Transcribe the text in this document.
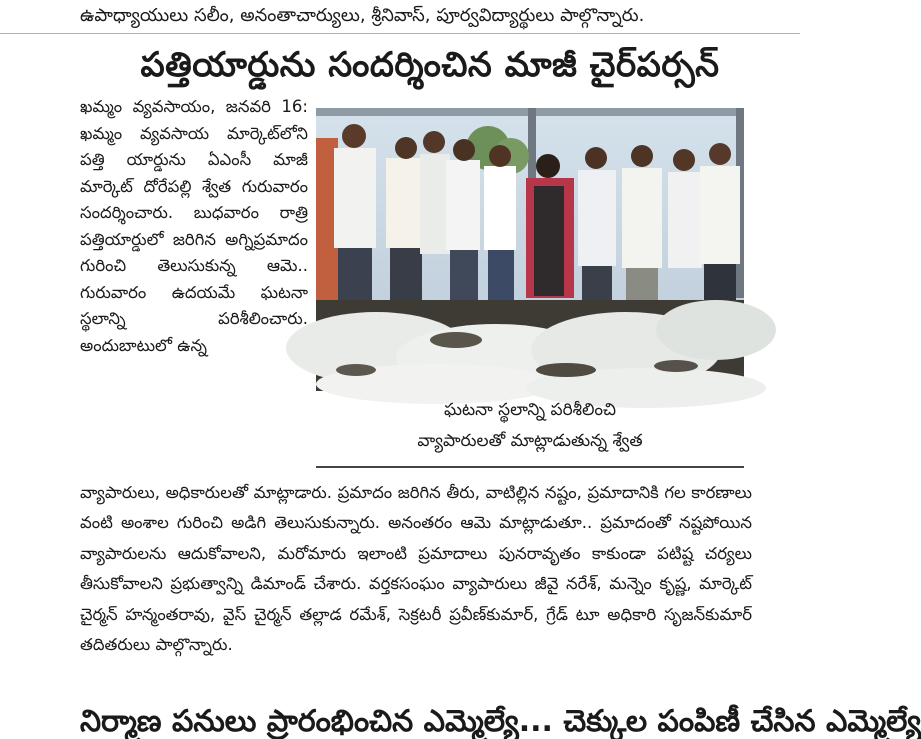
ఉపాధ్యాయులు సలీం, అనంతాచార్యులు, శ్రీనివాస్, పూర్వవిద్యార్థులు పాల్గొన్నారు.
పత్తియార్డును సందర్శించిన మాజీ చైర్‌పర్సన్

ఖమ్మం వ్యవసాయం, జనవరి 16: ఖమ్మం వ్యవసాయ మార్కెట్‌లోని పత్తి యార్డును ఏఎంసీ మాజీ మార్కెట్ దోరేపల్లి శ్వేత గురువారం సందర్శించారు. బుధవారం రాత్రి పత్తియార్డులో జరిగిన అగ్నిప్రమాదం గురించి తెలుసుకున్న ఆమె.. గురువారం ఉదయమే ఘటనా స్థలాన్ని పరిశీలించారు. అందుబాటులో ఉన్న

ఘటనా స్థలాన్ని పరిశీలించి
వ్యాపారులతో మాట్లాడుతున్న శ్వేత

వ్యాపారులు, అధికారులతో మాట్లాడారు. ప్రమాదం జరిగిన తీరు, వాటిల్లిన నష్టం, ప్రమాదానికి గల కారణాలు వంటి అంశాల గురించి అడిగి తెలుసుకున్నారు. అనంతరం ఆమె మాట్లాడుతూ.. ప్రమాదంతో నష్టపోయిన వ్యాపారులను ఆదుకోవాలని, మరోమారు ఇలాంటి ప్రమాదాలు పునరావృతం కాకుండా పటిష్ట చర్యలు తీసుకోవాలని ప్రభుత్వాన్ని డిమాండ్ చేశారు. వర్తకసంఘం వ్యాపారులు జీవై నరేశ్, మన్నెం కృష్ణ, మార్కెట్ చైర్మన్ హన్మంతరావు, వైస్ చైర్మన్ తల్లాడ రమేశ్, సెక్రటరీ ప్రవీణ్‌కుమార్, గ్రేడ్ టూ అధికారి సృజన్‌కుమార్ తదితరులు పాల్గొన్నారు.

నిర్మాణ పనులు ప్రారంభించిన ఎమ్మెల్యే... చెక్కుల పంపిణీ చేసిన ఎమ్మెల్యే
